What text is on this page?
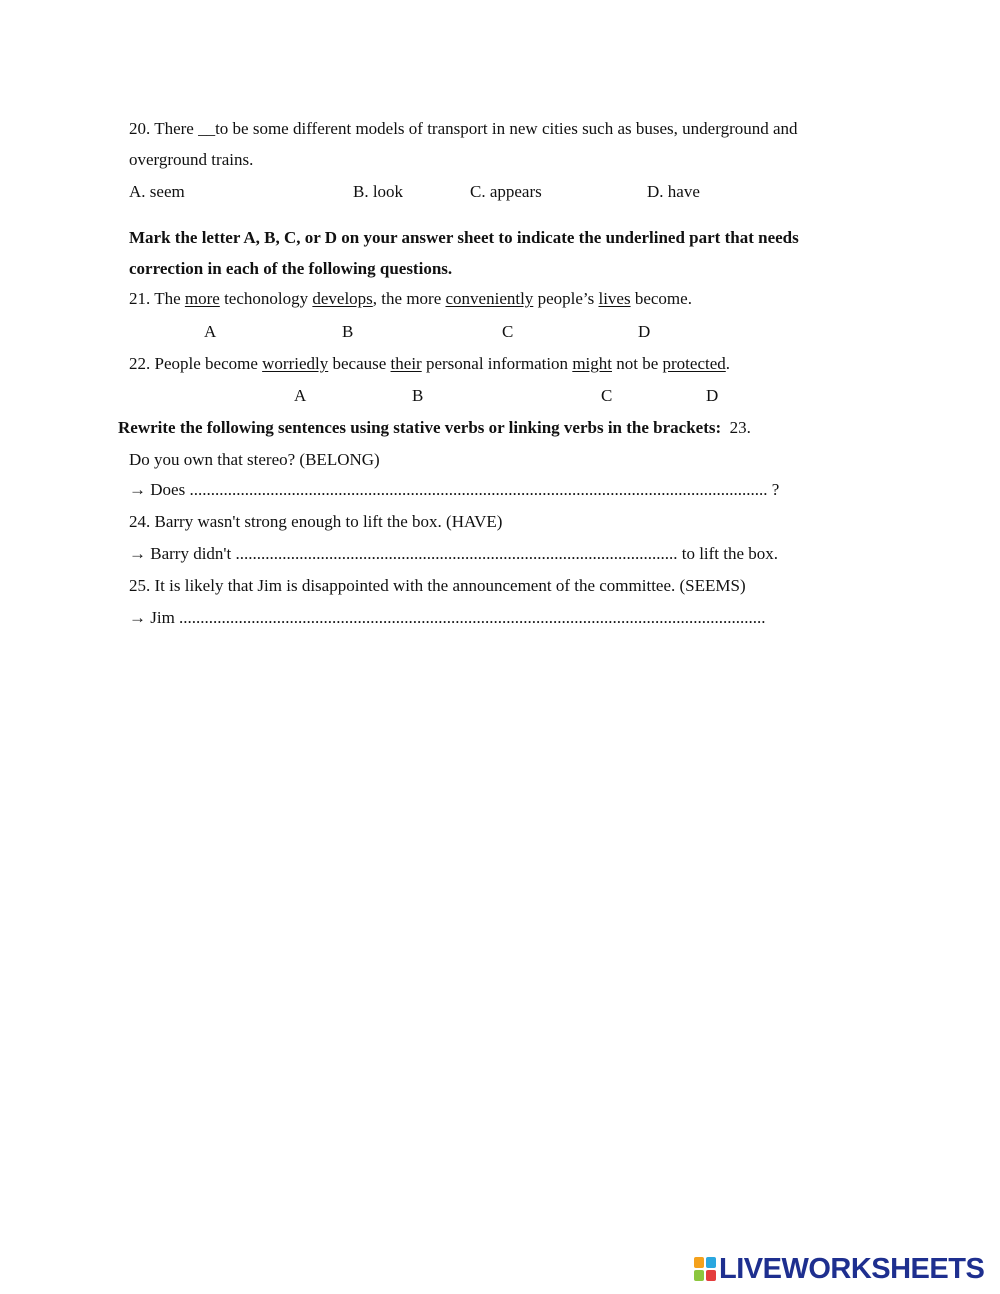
20. There __to be some different models of transport in new cities such as buses, underground and
overground trains.
A. seem	B. look	C. appears	D. have
Mark the letter A, B, C, or D on your answer sheet to indicate the underlined part that needs
correction in each of the following questions.
21. The more techonology develops, the more conveniently people’s lives become.
A	B	C	D
22. People become worriedly because their personal information might not be protected.
A	B	C	D
Rewrite the following sentences using stative verbs or linking verbs in the brackets: 23.
Do you own that stereo? (BELONG)
→ Does ........................................................................................................................................ ?
24. Barry wasn't strong enough to lift the box. (HAVE)
→ Barry didn't ........................................................................................................ to lift the box.
25. It is likely that Jim is disappointed with the announcement of the committee. (SEEMS)
→ Jim ..........................................................................................................................................
LIVEWORKSHEETS
